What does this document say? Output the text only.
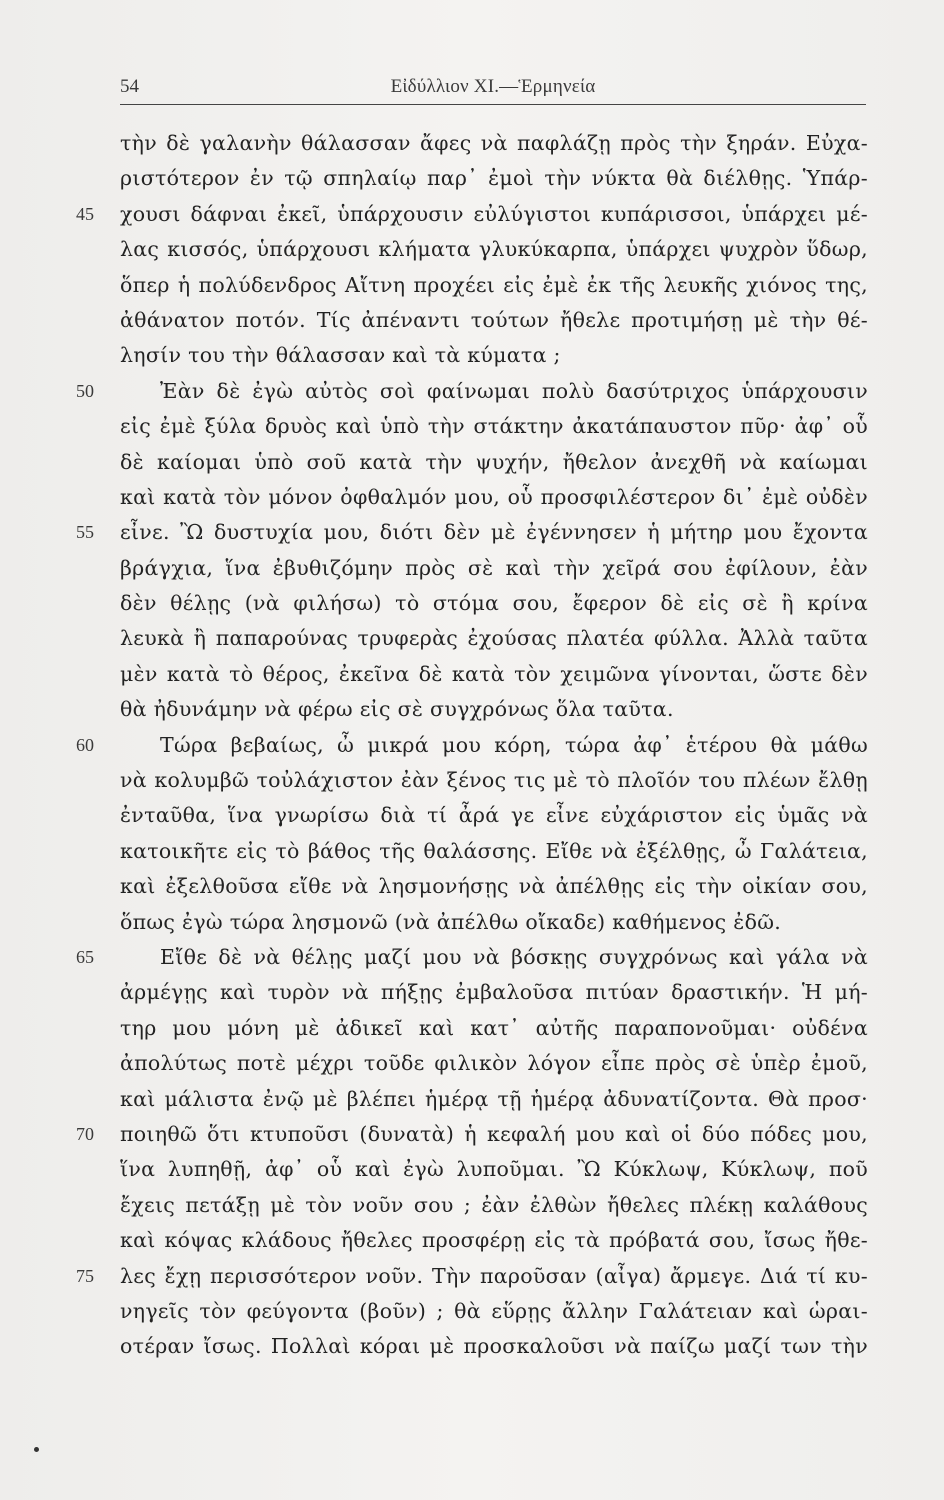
54	Εἰδύλλιον XI.—Ἑρμηνεία
τὴν δὲ γαλανὴν θάλασσαν ἄφες νὰ παφλάζῃ πρὸς τὴν ξηράν. Εὐχα-
ριστότερον ἐν τῷ σπηλαίῳ παρ᾿ ἐμοὶ τὴν νύκτα θὰ διέλθῃς. Ὑπάρ-
45 χουσι δάφναι ἐκεῖ, ὑπάρχουσιν εὐλύγιστοι κυπάρισσοι, ὑπάρχει μέ-
λας κισσός, ὑπάρχουσι κλήματα γλυκύκαρπα, ὑπάρχει ψυχρὸν ὕδωρ,
ὅπερ ἡ πολύδενδρος Αἴτνη προχέει εἰς ἐμὲ ἐκ τῆς λευκῆς χιόνος της,
ἀθάνατον ποτόν. Τίς ἀπέναντι τούτων ἤθελε προτιμήσῃ μὲ τὴν θέ-
λησίν του τὴν θάλασσαν καὶ τὰ κύματα ;
50	Ἐὰν δὲ ἐγὼ αὐτὸς σοὶ φαίνωμαι πολὺ δασύτριχος ὑπάρχουσιν
εἰς ἐμὲ ξύλα δρυὸς καὶ ὑπὸ τὴν στάκτην ἀκατάπαυστον πῦρ· ἀφ᾿ οὗ
δὲ καίομαι ὑπὸ σοῦ κατὰ τὴν ψυχήν, ἤθελον ἀνεχθῆ νὰ καίωμαι
καὶ κατὰ τὸν μόνον ὀφθαλμόν μου, οὗ προσφιλέστερον δι᾿ ἐμὲ οὐδὲν
55 εἶνε. Ὢ δυστυχία μου, διότι δὲν μὲ ἐγέννησεν ἡ μήτηρ μου ἔχοντα
βράγχια, ἵνα ἐβυθιζόμην πρὸς σὲ καὶ τὴν χεῖρά σου ἐφίλουν, ἐὰν
δὲν θέλῃς (νὰ φιλήσω) τὸ στόμα σου, ἔφερον δὲ εἰς σὲ ἢ κρίνα
λευκὰ ἢ παπαρούνας τρυφερὰς ἐχούσας πλατέα φύλλα. Ἀλλὰ ταῦτα
μὲν κατὰ τὸ θέρος, ἐκεῖνα δὲ κατὰ τὸν χειμῶνα γίνονται, ὥστε δὲν
θὰ ἠδυνάμην νὰ φέρω εἰς σὲ συγχρόνως ὅλα ταῦτα.
60	Τώρα βεβαίως, ὦ μικρά μου κόρη, τώρα ἀφ᾿ ἑτέρου θὰ μάθω
νὰ κολυμβῶ τοὐλάχιστον ἐὰν ξένος τις μὲ τὸ πλοῖόν του πλέων ἔλθῃ
ἐνταῦθα, ἵνα γνωρίσω διὰ τί ἆρά γε εἶνε εὐχάριστον εἰς ὑμᾶς νὰ
κατοικῆτε εἰς τὸ βάθος τῆς θαλάσσης. Εἴθε νὰ ἐξέλθῃς, ὦ Γαλάτεια,
καὶ ἐξελθοῦσα εἴθε νὰ λησμονήσῃς νὰ ἀπέλθῃς εἰς τὴν οἰκίαν σου,
ὅπως ἐγὼ τώρα λησμονῶ (νὰ ἀπέλθω οἴκαδε) καθήμενος ἐδῶ.
65	Εἴθε δὲ νὰ θέλῃς μαζί μου νὰ βόσκῃς συγχρόνως καὶ γάλα νὰ
ἀρμέγῃς καὶ τυρὸν νὰ πήξῃς ἐμβαλοῦσα πιτύαν δραστικήν. Ἡ μή-
τηρ μου μόνη μὲ ἀδικεῖ καὶ κατ᾿ αὐτῆς παραπονοῦμαι· οὐδένα
ἀπολύτως ποτὲ μέχρι τοῦδε φιλικὸν λόγον εἶπε πρὸς σὲ ὑπὲρ ἐμοῦ,
καὶ μάλιστα ἐνῷ μὲ βλέπει ἡμέρᾳ τῇ ἡμέρᾳ ἀδυνατίζοντα. Θὰ προσ·
70 ποιηθῶ ὅτι κτυποῦσι (δυνατὰ) ἡ κεφαλή μου καὶ οἱ δύο πόδες μου,
ἵνα λυπηθῇ, ἀφ᾿ οὗ καὶ ἐγὼ λυποῦμαι. Ὢ Κύκλωψ, Κύκλωψ, ποῦ
ἔχεις πετάξῃ μὲ τὸν νοῦν σου ; ἐὰν ἐλθὼν ἤθελες πλέκῃ καλάθους
καὶ κόψας κλάδους ἤθελες προσφέρῃ εἰς τὰ πρόβατά σου, ἴσως ἤθε-
75 λες ἔχῃ περισσότερον νοῦν. Τὴν παροῦσαν (αἶγα) ἄρμεγε. Διά τί κυ-
νηγεῖς τὸν φεύγοντα (βοῦν) ; θὰ εὕρῃς ἄλλην Γαλάτειαν καὶ ὡραι-
οτέραν ἴσως. Πολλαὶ κόραι μὲ προσκαλοῦσι νὰ παίζω μαζί των τὴν
